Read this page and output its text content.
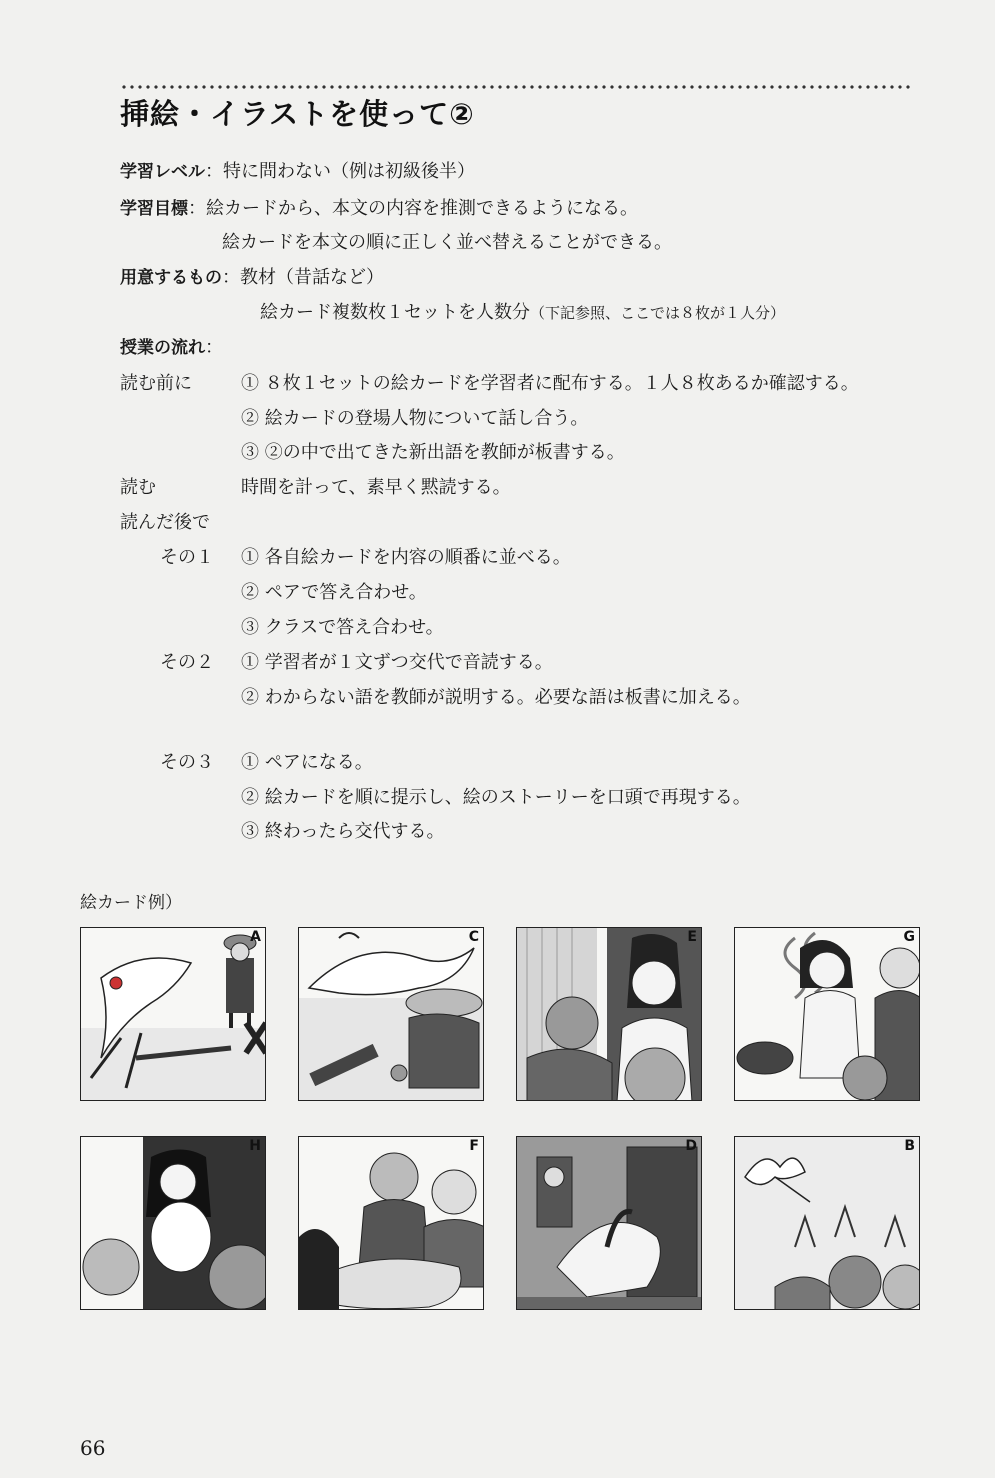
挿絵・イラストを使って②
学習レベル：特に問わない（例は初級後半）
学習目標：絵カードから、本文の内容を推測できるようになる。
絵カードを本文の順に正しく並べ替えることができる。
用意するもの：教材（昔話など）
絵カード複数枚１セットを人数分（下記参照、ここでは８枚が１人分）
授業の流れ：
読む前に	① ８枚１セットの絵カードを学習者に配布する。１人８枚あるか確認する。
② 絵カードの登場人物について話し合う。
③ ②の中で出てきた新出語を教師が板書する。
読む	時間を計って、素早く黙読する。
読んだ後で
その１ ① 各自絵カードを内容の順番に並べる。
② ペアで答え合わせ。
③ クラスで答え合わせ。
その２ ① 学習者が１文ずつ交代で音読する。
② わからない語を教師が説明する。必要な語は板書に加える。
その３ ① ペアになる。
② 絵カードを順に提示し、絵のストーリーを口頭で再現する。
③ 終わったら交代する。
絵カード例）
A	C	E	G
H	F	D	B
66
